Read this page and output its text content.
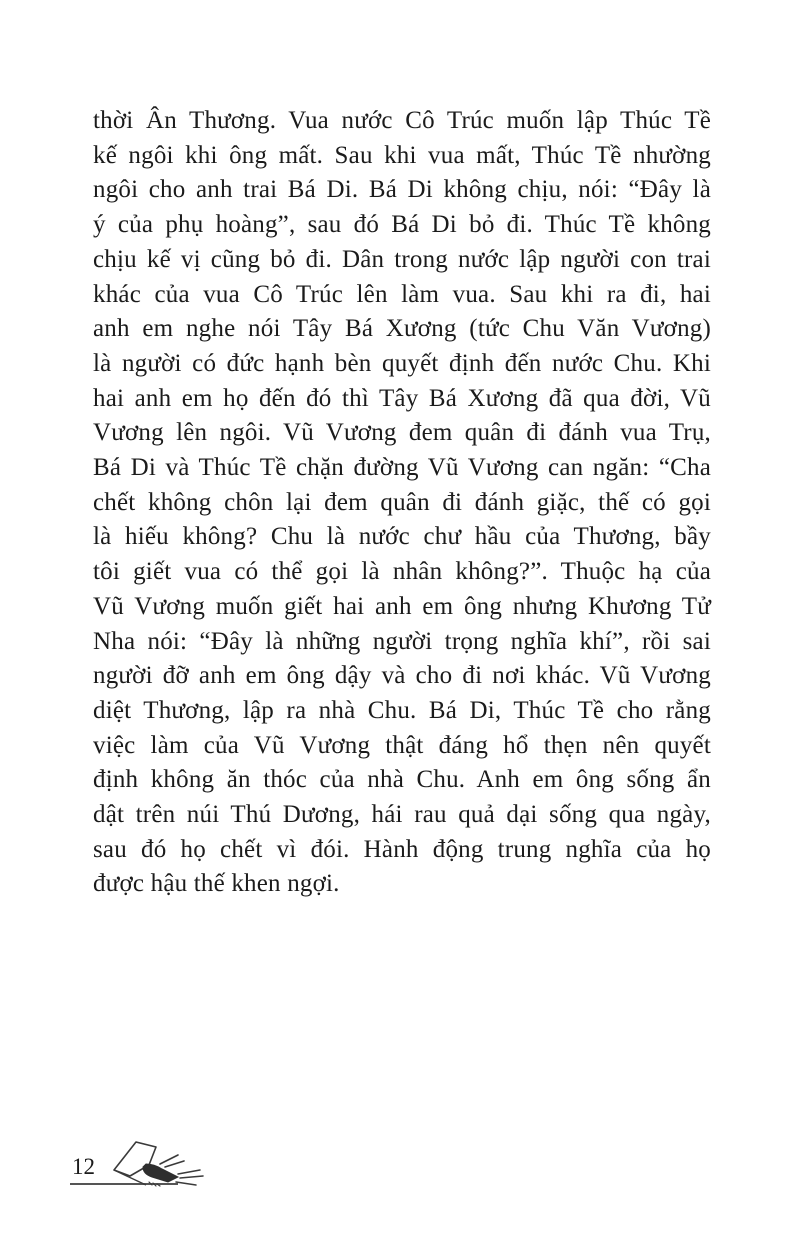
thời Ân Thương. Vua nước Cô Trúc muốn lập Thúc Tề
kế ngôi khi ông mất. Sau khi vua mất, Thúc Tề nhường
ngôi cho anh trai Bá Di. Bá Di không chịu, nói: “Đây là
ý của phụ hoàng”, sau đó Bá Di bỏ đi. Thúc Tề không
chịu kế vị cũng bỏ đi. Dân trong nước lập người con trai
khác của vua Cô Trúc lên làm vua. Sau khi ra đi, hai
anh em nghe nói Tây Bá Xương (tức Chu Văn Vương)
là người có đức hạnh bèn quyết định đến nước Chu. Khi
hai anh em họ đến đó thì Tây Bá Xương đã qua đời, Vũ
Vương lên ngôi. Vũ Vương đem quân đi đánh vua Trụ,
Bá Di và Thúc Tề chặn đường Vũ Vương can ngăn: “Cha
chết không chôn lại đem quân đi đánh giặc, thế có gọi
là hiếu không? Chu là nước chư hầu của Thương, bầy
tôi giết vua có thể gọi là nhân không?”. Thuộc hạ của
Vũ Vương muốn giết hai anh em ông nhưng Khương Tử
Nha nói: “Đây là những người trọng nghĩa khí”, rồi sai
người đỡ anh em ông dậy và cho đi nơi khác. Vũ Vương
diệt Thương, lập ra nhà Chu. Bá Di, Thúc Tề cho rằng
việc làm của Vũ Vương thật đáng hổ thẹn nên quyết
định không ăn thóc của nhà Chu. Anh em ông sống ẩn
dật trên núi Thú Dương, hái rau quả dại sống qua ngày,
sau đó họ chết vì đói. Hành động trung nghĩa của họ
được hậu thế khen ngợi.
12
